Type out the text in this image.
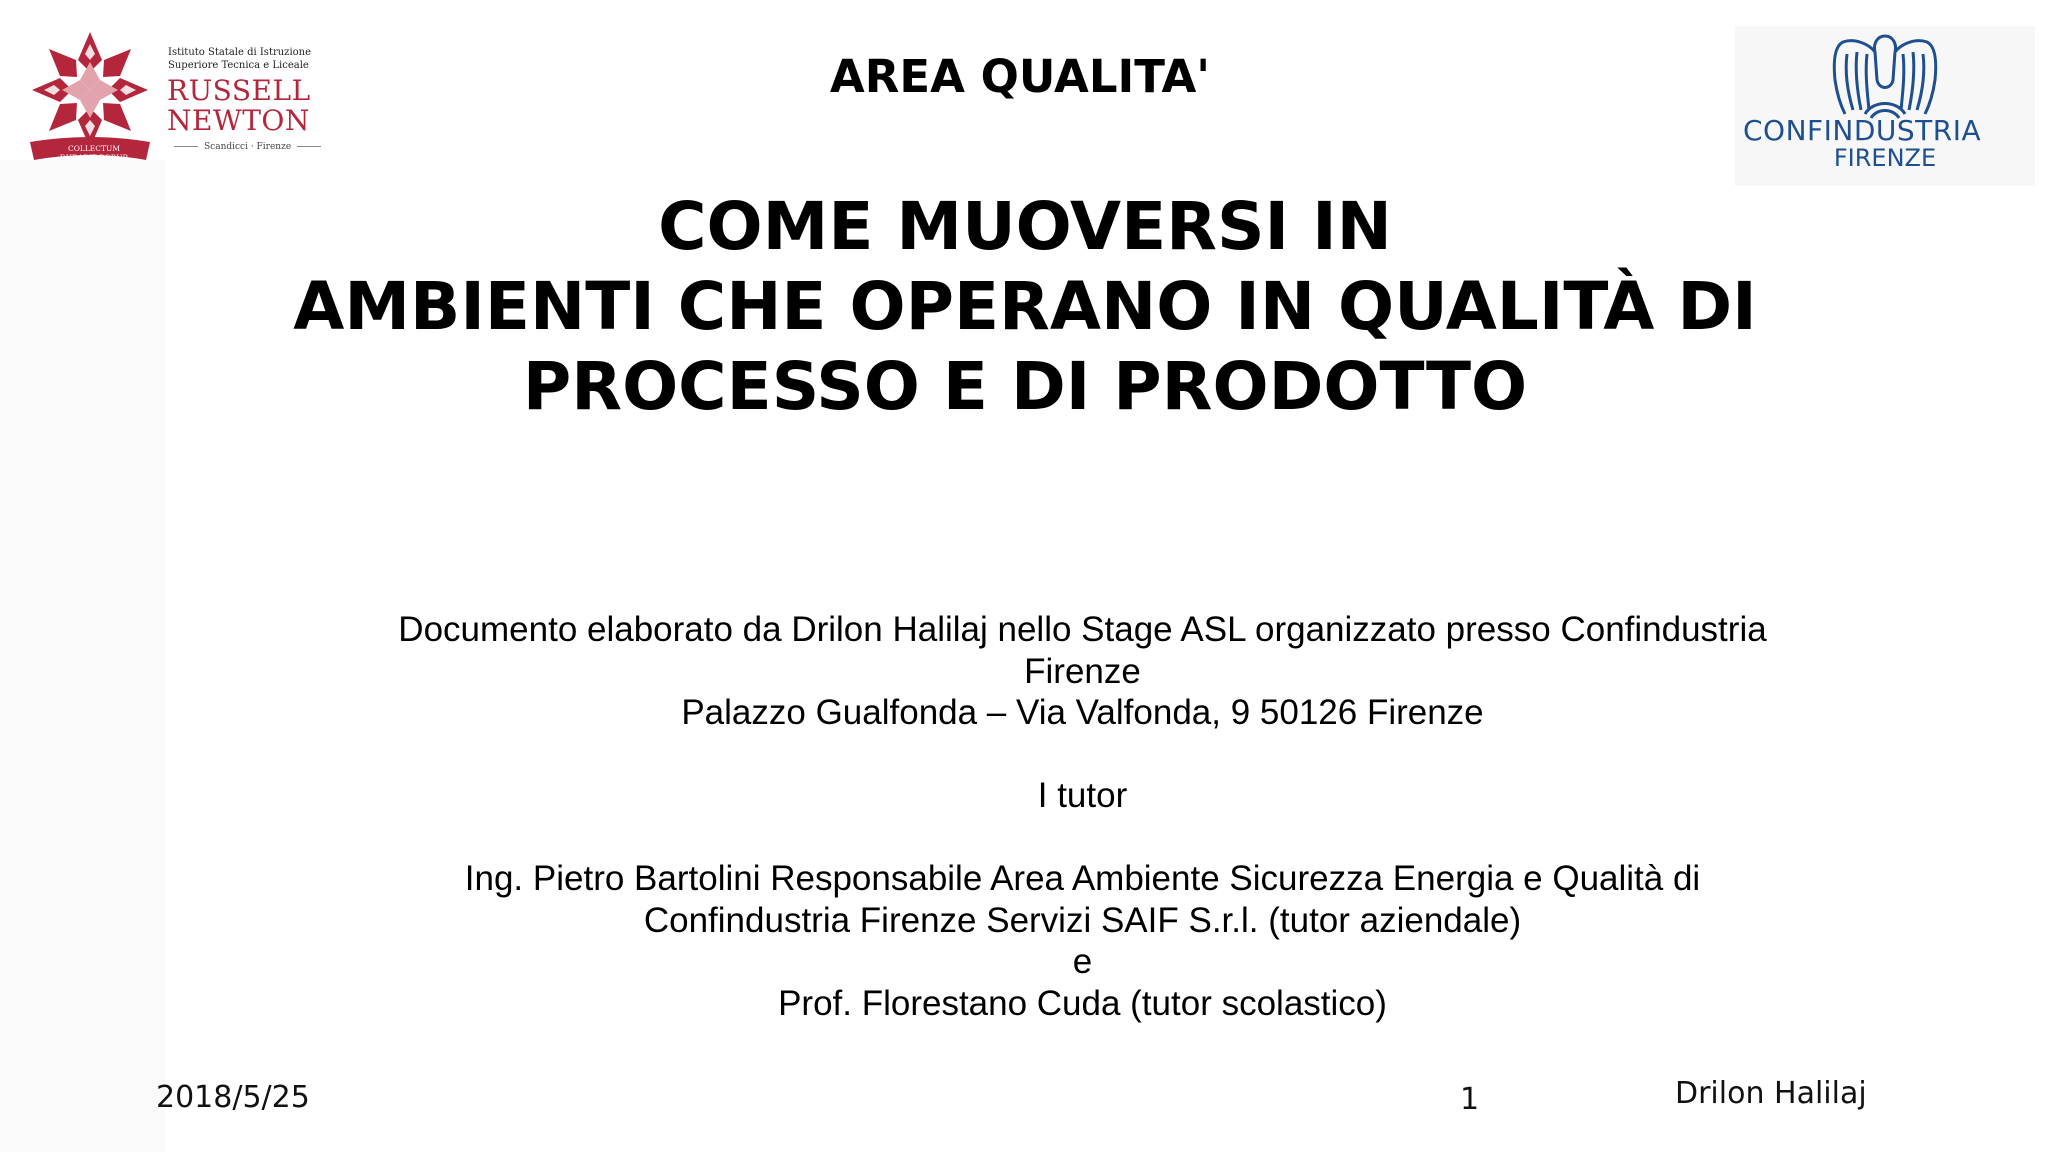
COLLECTUM
DURABIT ROBUR
Istituto Statale di Istruzione
Superiore Tecnica e Liceale
RUSSELL
NEWTON
Scandicci · Firenze	CONFINDUSTRIA
FIRENZE
AREA QUALITA'
COME MUOVERSI IN
AMBIENTI CHE OPERANO IN QUALITÀ DI
PROCESSO E DI PRODOTTO
Documento elaborato da Drilon Halilaj nello Stage ASL organizzato presso Confindustria
Firenze
Palazzo Gualfonda – Via Valfonda, 9 50126 Firenze
I tutor
Ing. Pietro Bartolini Responsabile Area Ambiente Sicurezza Energia e Qualità di
Confindustria Firenze Servizi SAIF S.r.l. (tutor aziendale)
e
Prof. Florestano Cuda (tutor scolastico)
2018/5/25	1	Drilon Halilaj
